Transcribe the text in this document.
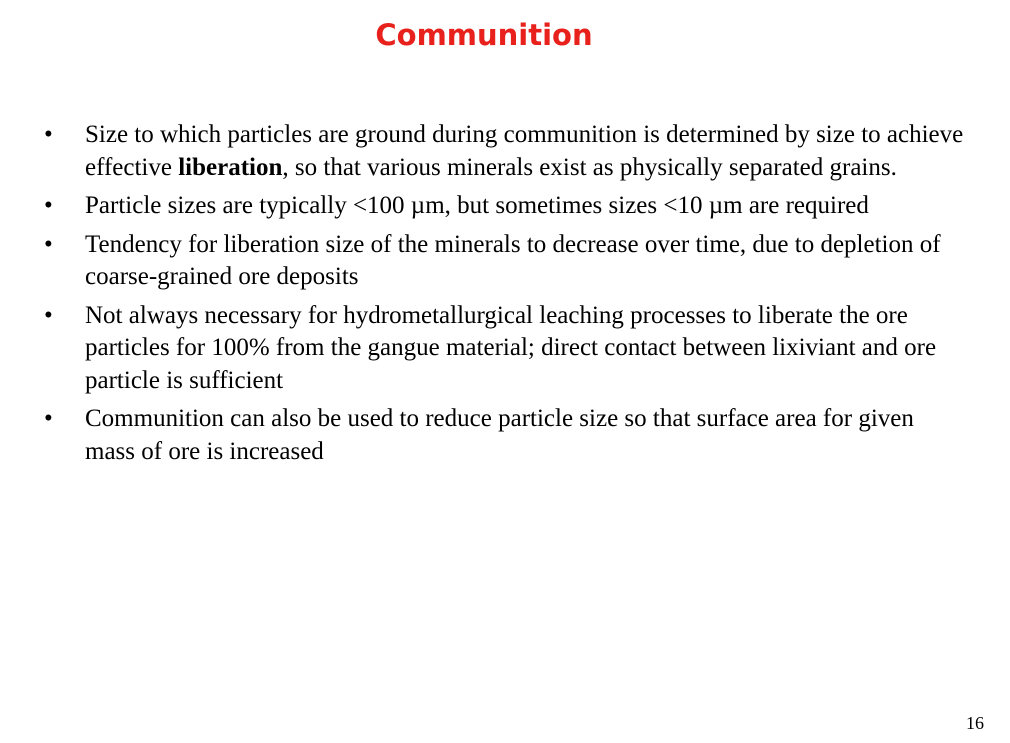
Communition
•	Size to which particles are ground during communition is determined by size to achieve effective liberation, so that various minerals exist as physically separated grains.
•	Particle sizes are typically <100 µm, but sometimes sizes <10 µm are required
•	Tendency for liberation size of the minerals to decrease over time, due to depletion of coarse-grained ore deposits
•	Not always necessary for hydrometallurgical leaching processes to liberate the ore particles for 100% from the gangue material; direct contact between lixiviant and ore particle is sufficient
•	Communition can also be used to reduce particle size so that surface area for given mass of ore is increased
16
